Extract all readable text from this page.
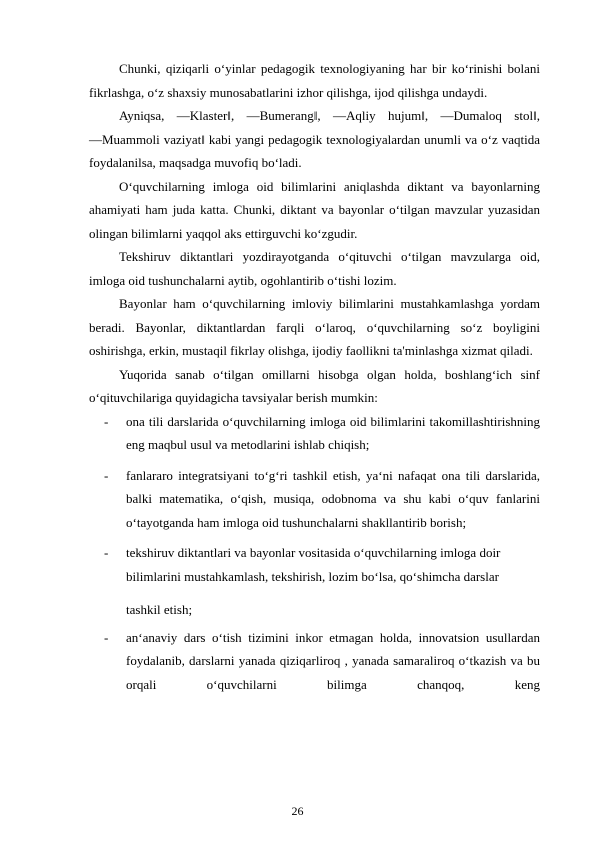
Chunki, qiziqarli o‘yinlar pedagogik texnologiyaning har bir ko‘rinishi bolani fikrlashga, o‘z shaxsiy munosabatlarini izhor qilishga, ijod qilishga undaydi.

Ayniqsa, ―Klaster‖, ―Bumerang‖, ―Aqliy hujum‖, ―Dumaloq stol‖, ―Muammoli vaziyat‖ kabi yangi pedagogik texnologiyalardan unumli va o‘z vaqtida foydalanilsa, maqsadga muvofiq bo‘ladi.

O‘quvchilarning imloga oid bilimlarini aniqlashda diktant va bayonlarning ahamiyati ham juda katta. Chunki, diktant va bayonlar o‘tilgan mavzular yuzasidan olingan bilimlarni yaqqol aks ettirguvchi ko‘zgudir.

Tekshiruv diktantlari yozdirayotganda o‘qituvchi o‘tilgan mavzularga oid, imloga oid tushunchalarni aytib, ogohlantirib o‘tishi lozim.

Bayonlar ham o‘quvchilarning imloviy bilimlarini mustahkamlashga yordam beradi. Bayonlar, diktantlardan farqli o‘laroq, o‘quvchilarning so‘z boyligini oshirishga, erkin, mustaqil fikrlay olishga, ijodiy faollikni ta'minlashga xizmat qiladi.

Yuqorida sanab o‘tilgan omillarni hisobga olgan holda, boshlang‘ich sinf o‘qituvchilariga quyidagicha tavsiyalar berish mumkin:

- ona tili darslarida o‘quvchilarning imloga oid bilimlarini takomillashtirishning eng maqbul usul va metodlarini ishlab chiqish;
- fanlararo integratsiyani to‘g‘ri tashkil etish, ya‘ni nafaqat ona tili darslarida, balki matematika, o‘qish, musiqa, odobnoma va shu kabi o‘quv fanlarini o‘tayotganda ham imloga oid tushunchalarni shakllantirib borish;
- tekshiruv diktantlari va bayonlar vositasida o‘quvchilarning imloga doir bilimlarini mustahkamlash, tekshirish, lozim bo‘lsa, qo‘shimcha darslar
tashkil etish;
- an‘anaviy dars o‘tish tizimini inkor etmagan holda, innovatsion usullardan foydalanib, darslarni yanada qiziqarliroq , yanada samaraliroq o‘tkazish va bu orqali o‘quvchilarni bilimga chanqoq, keng
26
